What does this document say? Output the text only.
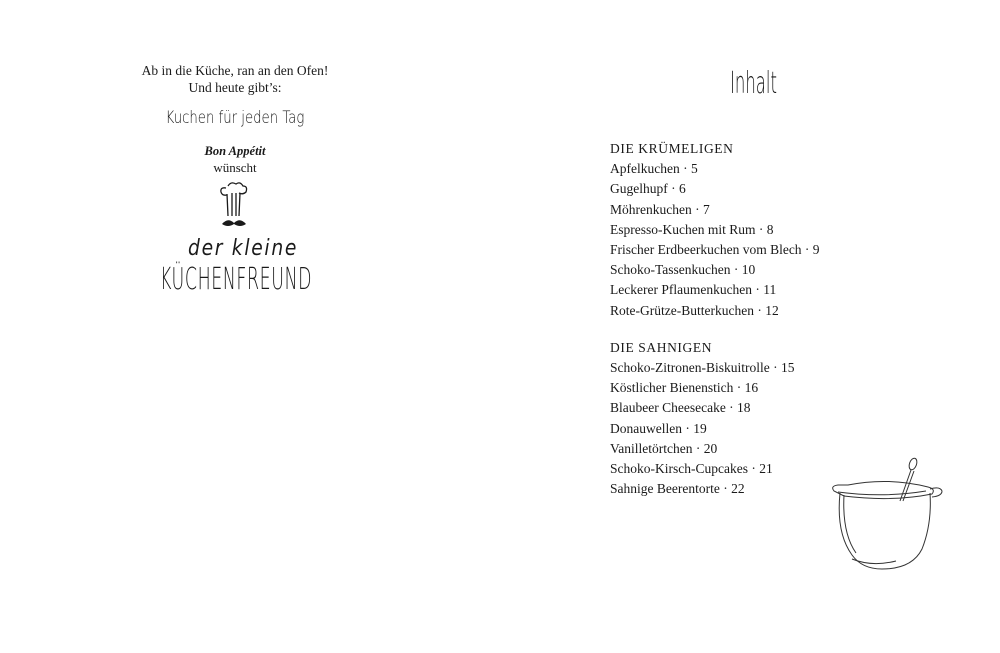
Ab in die Küche, ran an den Ofen!
Und heute gibt’s:
Kuchen für jeden Tag
Bon Appétit
wünscht
der kleine
KÜCHENFREUND
Inhalt
DIE KRÜMELIGEN
Apfelkuchen · 5
Gugelhupf · 6
Möhrenkuchen · 7
Espresso-Kuchen mit Rum · 8
Frischer Erdbeerkuchen vom Blech · 9
Schoko-Tassenkuchen · 10
Leckerer Pflaumenkuchen · 11
Rote-Grütze-Butterkuchen · 12
DIE SAHNIGEN
Schoko-Zitronen-Biskuitrolle · 15
Köstlicher Bienenstich · 16
Blaubeer Cheesecake · 18
Donauwellen · 19
Vanilletörtchen · 20
Schoko-Kirsch-Cupcakes · 21
Sahnige Beerentorte · 22
